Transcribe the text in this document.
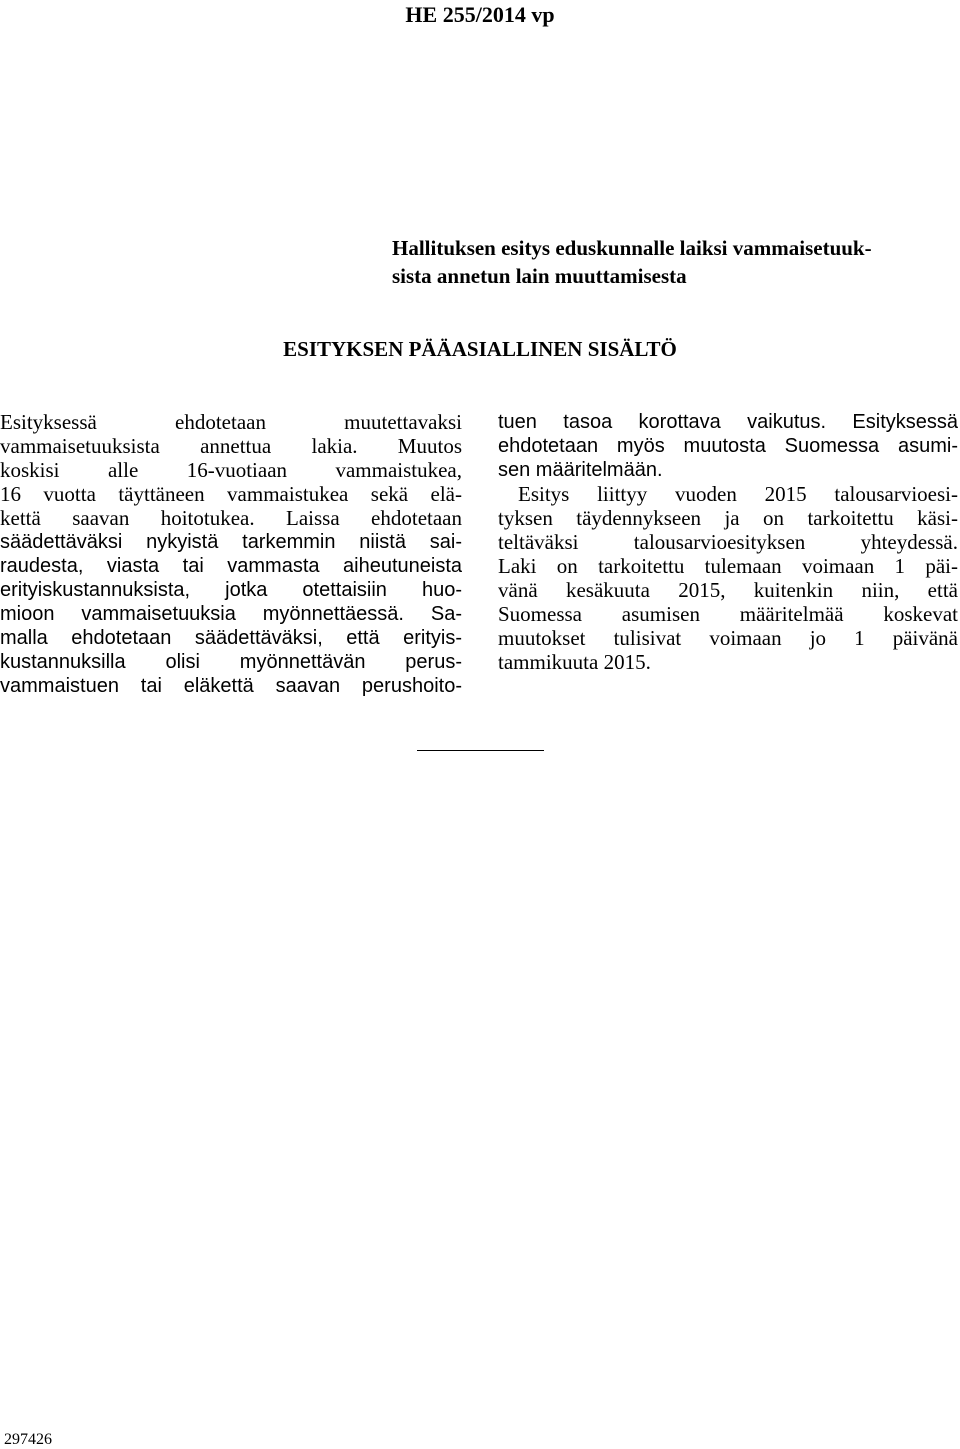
HE 255/2014 vp

Hallituksen esitys eduskunnalle laiksi vammaisetuuk-
sista annetun lain muuttamisesta
ESITYKSEN PÄÄASIALLINEN SISÄLTÖ
Esityksessä ehdotetaan muutettavaksi
vammaisetuuksista annettua lakia. Muutos
koskisi alle 16-vuotiaan vammaistukea,
16 vuotta täyttäneen vammaistukea sekä elä-
kettä saavan hoitotukea. Laissa ehdotetaan
säädettäväksi nykyistä tarkemmin niistä sai-
raudesta, viasta tai vammasta aiheutuneista
erityiskustannuksista, jotka otettaisiin huo-
mioon vammaisetuuksia myönnettäessä. Sa-
malla ehdotetaan säädettäväksi, että erityis-
kustannuksilla olisi myönnettävän perus-
vammaistuen tai eläkettä saavan perushoito-
tuen tasoa korottava vaikutus. Esityksessä
ehdotetaan myös muutosta Suomessa asumi-
sen määritelmään.
Esitys liittyy vuoden 2015 talousarvioesi-
tyksen täydennykseen ja on tarkoitettu käsi-
teltäväksi talousarvioesityksen yhteydessä.
Laki on tarkoitettu tulemaan voimaan 1 päi-
vänä kesäkuuta 2015, kuitenkin niin, että
Suomessa asumisen määritelmää koskevat
muutokset tulisivat voimaan jo 1 päivänä
tammikuuta 2015.

297426
